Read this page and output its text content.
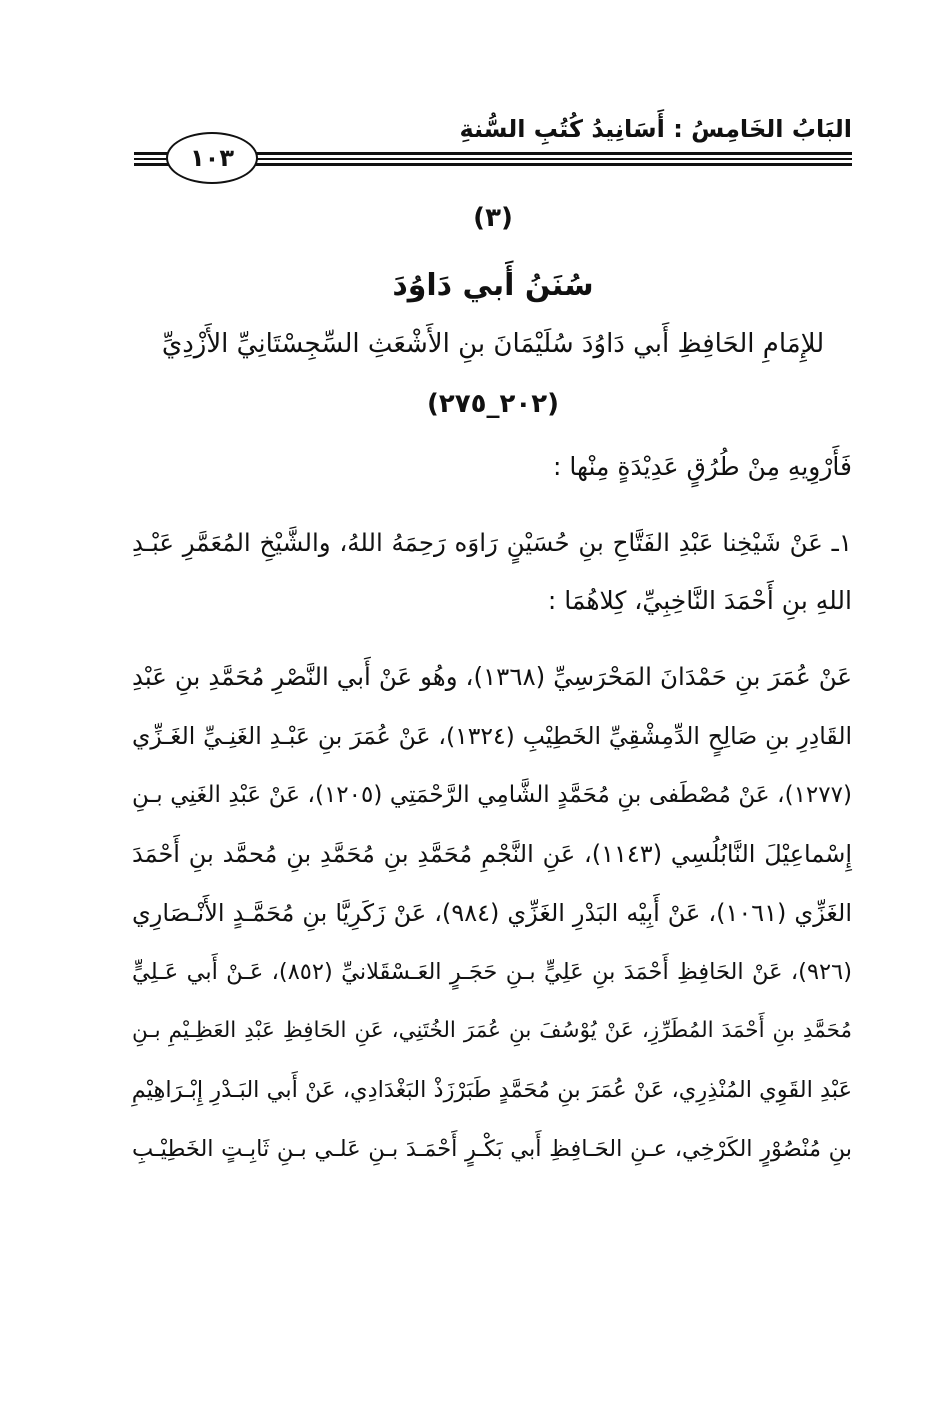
البَابُ الخَامِسُ : أَسَانِيدُ كُتُبِ السُّنةِ
١٠٣
(٣)
سُنَنُ أَبي دَاوُدَ
للإِمَامِ الحَافِظِ أَبي دَاوُدَ سُلَيْمَانَ بنِ الأَشْعَثِ السِّجِسْتَانِيِّ الأَزْدِيِّ
(٢٠٢_٢٧٥)
فَأَرْوِيهِ مِنْ طُرُقٍ عَدِيْدَةٍ مِنْها :
١ـ عَنْ شَيْخِنا عَبْدِ الفَتَّاحِ بنِ حُسَيْنٍ رَاوَه رَحِمَهُ اللهُ، والشَّيْخِ المُعَمَّرِ عَبْـدِ
اللهِ بنِ أَحْمَدَ النَّاخِبِيِّ، كِلاهُمَا :
عَنْ عُمَرَ بنِ حَمْدَانَ المَحْرَسِيِّ (١٣٦٨)، وهُو عَنْ أَبي النَّصْرِ مُحَمَّدِ بنِ عَبْدِ
القَادِرِ بنِ صَالِحٍ الدِّمِشْقِيِّ الخَطِيْبِ (١٣٢٤)، عَنْ عُمَرَ بنِ عَبْـدِ الغَنِـيِّ الغَـزِّي
(١٢٧٧)، عَنْ مُصْطَفى بنِ مُحَمَّدٍ الشَّامِي الرَّحْمَتِي (١٢٠٥)، عَنْ عَبْدِ الغَنِي بـنِ
إِسْماعِيْلَ النَّابُلُسِي (١١٤٣)، عَنِ النَّجْمِ مُحَمَّدِ بنِ مُحَمَّدِ بنِ مُحمَّد بنِ أَحْمَدَ
الغَزِّي (١٠٦١)، عَنْ أَبِيْه البَدْرِ الغَزِّي (٩٨٤)، عَنْ زَكَرِيَّا بنِ مُحَمَّـدٍ الأَنْـصَارِي
(٩٢٦)، عَنْ الحَافِظِ أَحْمَدَ بنِ عَلِيٍّ بـنِ حَجَـرٍ العَـسْقَلانيِّ (٨٥٢)، عَـنْ أَبي عَـلِيٍّ
مُحَمَّدِ بنِ أَحْمَدَ المُطَرِّزِ، عَنْ يُوْسُفَ بنِ عُمَرَ الخُتَنِي، عَنِ الحَافِظِ عَبْدِ العَظِـيْمِ بـنِ
عَبْدِ القَوِي المُنْذِرِي، عَنْ عُمَرَ بنِ مُحَمَّدٍ طَبَرْزَذْ البَغْدَادِي، عَنْ أَبي البَـدْرِ إِبْـرَاهِيْمِ
بنِ مُنْصُوْرٍ الكَرْخِي، عـنِ الحَـافِظِ أَبي بَكْـرٍ أَحْمَـدَ بـنِ عَلـي بـنِ ثَابِـتٍ الخَطِيْـبِ
